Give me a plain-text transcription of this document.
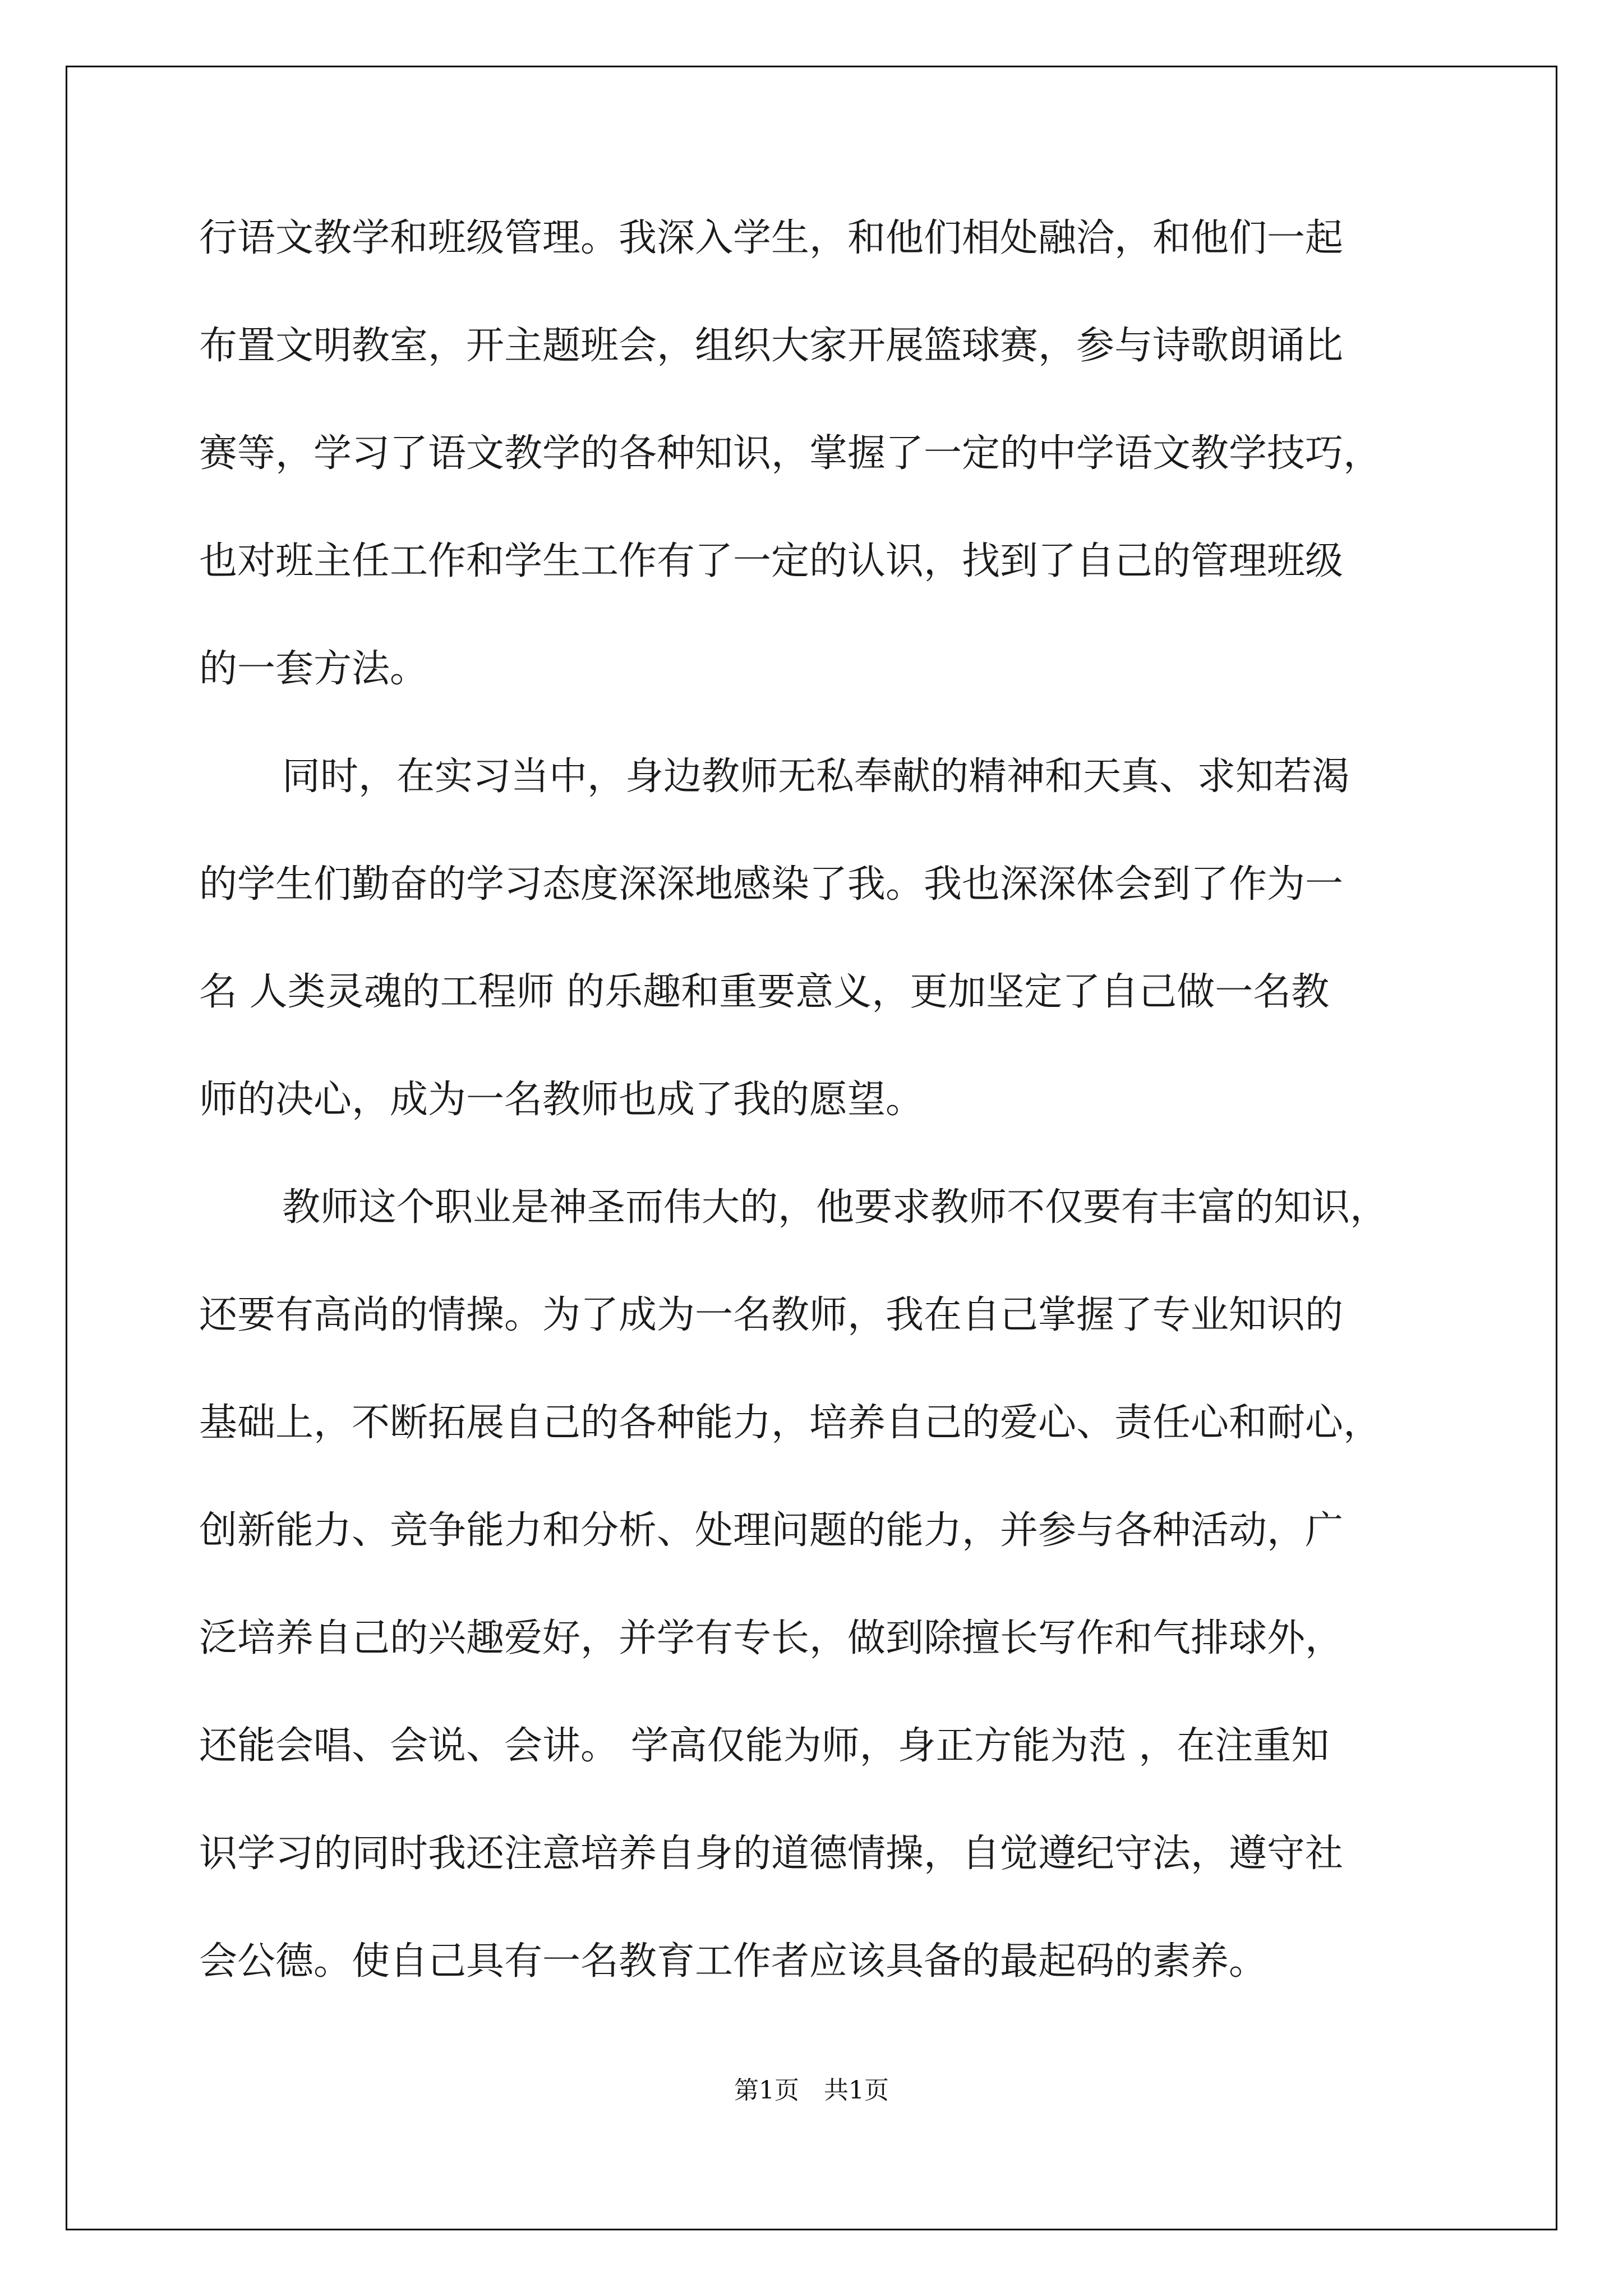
行语文教学和班级管理。我深入学生，和他们相处融洽，和他们一起
布置文明教室，开主题班会，组织大家开展篮球赛，参与诗歌朗诵比
赛等，学习了语文教学的各种知识，掌握了一定的中学语文教学技巧，
也对班主任工作和学生工作有了一定的认识，找到了自己的管理班级
的一套方法。
同时，在实习当中，身边教师无私奉献的精神和天真、求知若渴
的学生们勤奋的学习态度深深地感染了我。我也深深体会到了作为一
名 人类灵魂的工程师 的乐趣和重要意义，更加坚定了自己做一名教
师的决心，成为一名教师也成了我的愿望。
教师这个职业是神圣而伟大的，他要求教师不仅要有丰富的知识，
还要有高尚的情操。为了成为一名教师，我在自己掌握了专业知识的
基础上，不断拓展自己的各种能力，培养自己的爱心、责任心和耐心，
创新能力、竞争能力和分析、处理问题的能力，并参与各种活动，广
泛培养自己的兴趣爱好，并学有专长，做到除擅长写作和气排球外，
还能会唱、会说、会讲。 学高仅能为师，身正方能为范 ，在注重知
识学习的同时我还注意培养自身的道德情操，自觉遵纪守法，遵守社
会公德。使自己具有一名教育工作者应该具备的最起码的素养。
第1页　共1页
